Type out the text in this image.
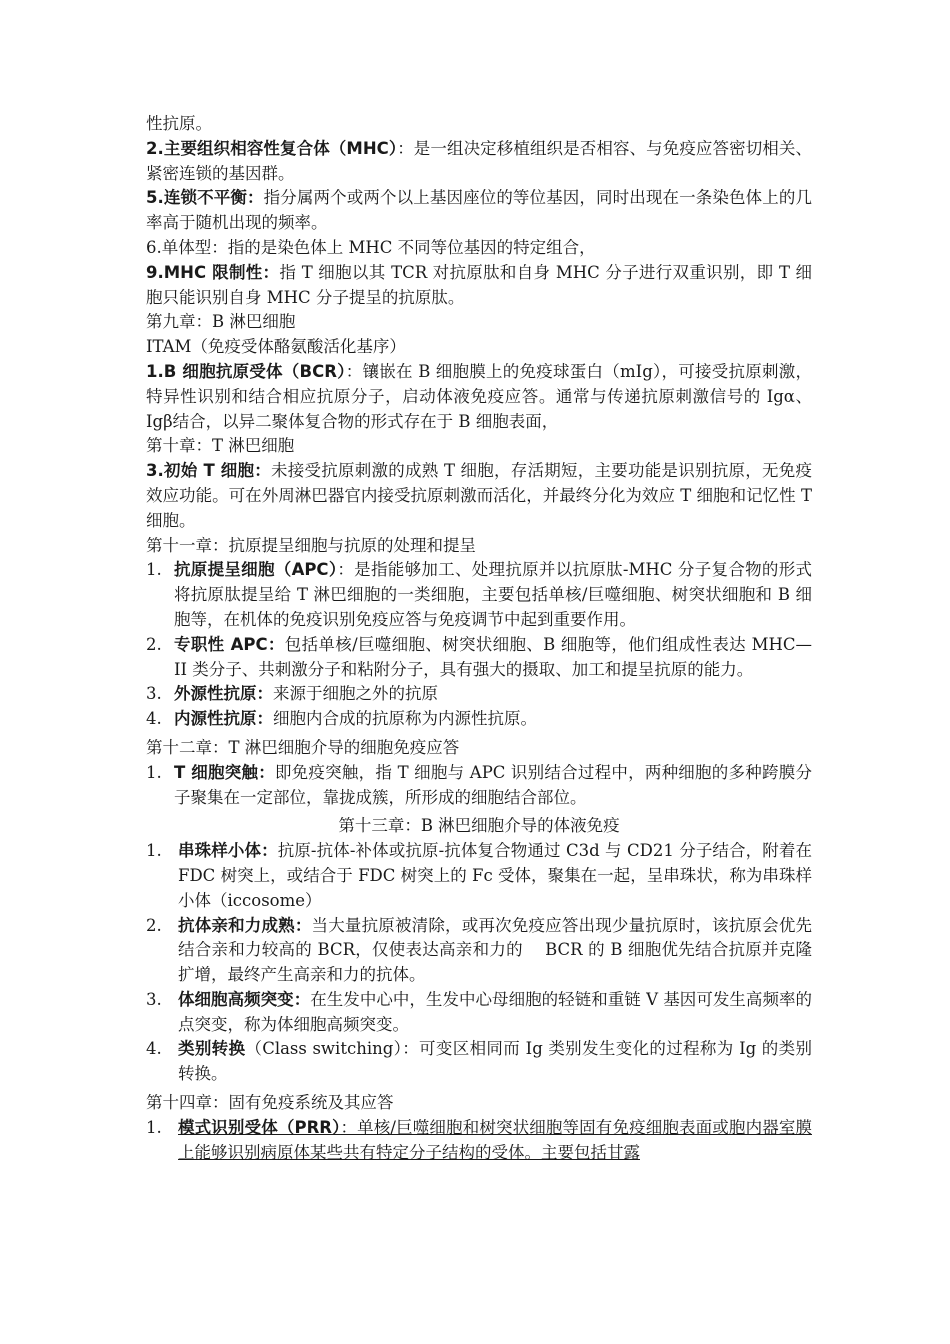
性抗原。

2.主要组织相容性复合体（MHC）：是一组决定移植组织是否相容、与免疫应答密切相关、紧密连锁的基因群。

5.连锁不平衡：指分属两个或两个以上基因座位的等位基因，同时出现在一条染色体上的几率高于随机出现的频率。

6.单体型：指的是染色体上 MHC 不同等位基因的特定组合，

9.MHC 限制性：指 T 细胞以其 TCR 对抗原肽和自身 MHC 分子进行双重识别，即 T 细胞只能识别自身 MHC 分子提呈的抗原肽。

第九章：B 淋巴细胞

ITAM（免疫受体酪氨酸活化基序）

1.B 细胞抗原受体（BCR）：镶嵌在 B 细胞膜上的免疫球蛋白（mIg），可接受抗原刺激，特异性识别和结合相应抗原分子，启动体液免疫应答。通常与传递抗原刺激信号的 Igα、Igβ结合，以异二聚体复合物的形式存在于 B 细胞表面，

第十章：T 淋巴细胞

3.初始 T 细胞：未接受抗原刺激的成熟 T 细胞，存活期短，主要功能是识别抗原，无免疫效应功能。可在外周淋巴器官内接受抗原刺激而活化，并最终分化为效应 T 细胞和记忆性 T 细胞。

第十一章：抗原提呈细胞与抗原的处理和提呈

1. 抗原提呈细胞（APC）：是指能够加工、处理抗原并以抗原肽-MHC 分子复合物的形式将抗原肽提呈给 T 淋巴细胞的一类细胞，主要包括单核/巨噬细胞、树突状细胞和 B 细胞等，在机体的免疫识别免疫应答与免疫调节中起到重要作用。
2. 专职性 APC：包括单核/巨噬细胞、树突状细胞、B 细胞等，他们组成性表达 MHC—II 类分子、共刺激分子和粘附分子，具有强大的摄取、加工和提呈抗原的能力。
3. 外源性抗原：来源于细胞之外的抗原
4. 内源性抗原：细胞内合成的抗原称为内源性抗原。

第十二章：T 淋巴细胞介导的细胞免疫应答

1. T 细胞突触：即免疫突触，指 T 细胞与 APC 识别结合过程中，两种细胞的多种跨膜分子聚集在一定部位，靠拢成簇，所形成的细胞结合部位。

第十三章：B 淋巴细胞介导的体液免疫

1. 串珠样小体：抗原-抗体-补体或抗原-抗体复合物通过 C3d 与 CD21 分子结合，附着在 FDC 树突上，或结合于 FDC 树突上的 Fc 受体，聚集在一起，呈串珠状，称为串珠样小体（iccosome）
2. 抗体亲和力成熟：当大量抗原被清除，或再次免疫应答出现少量抗原时，该抗原会优先结合亲和力较高的 BCR，仅使表达高亲和力的　 BCR 的 B 细胞优先结合抗原并克隆扩增，最终产生高亲和力的抗体。
3. 体细胞高频突变：在生发中心中，生发中心母细胞的轻链和重链 V 基因可发生高频率的点突变，称为体细胞高频突变。
4. 类别转换（Class switching）：可变区相同而 Ig 类别发生变化的过程称为 Ig 的类别转换。

第十四章：固有免疫系统及其应答

1. 模式识别受体（PRR）：单核/巨噬细胞和树突状细胞等固有免疫细胞表面或胞内器室膜上能够识别病原体某些共有特定分子结构的受体。主要包括甘露
